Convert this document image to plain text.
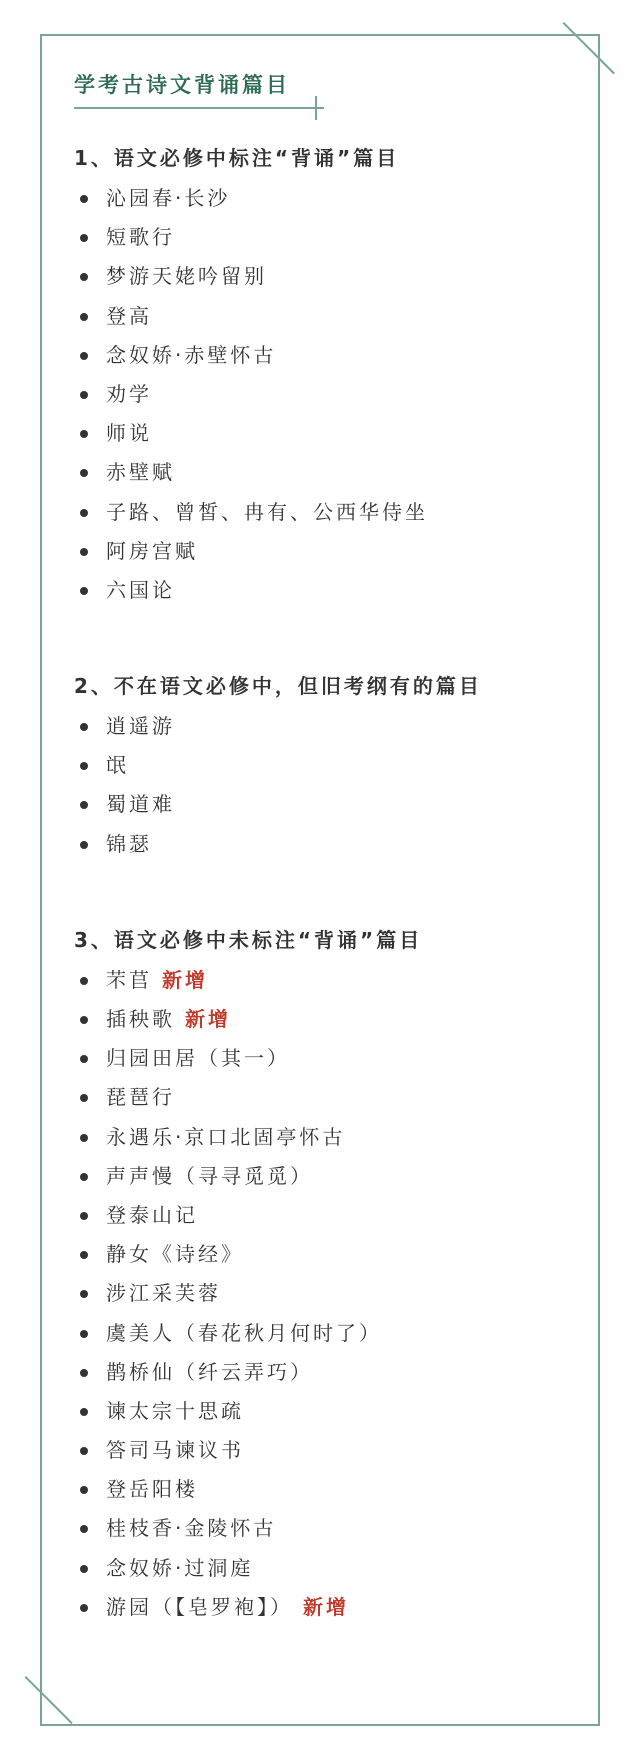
学考古诗文背诵篇目
1、语文必修中标注“背诵”篇目
沁园春·长沙
短歌行
梦游天姥吟留别
登高
念奴娇·赤壁怀古
劝学
师说
赤壁赋
子路、曾皙、冉有、公西华侍坐
阿房宫赋
六国论
2、不在语文必修中，但旧考纲有的篇目
逍遥游
氓
蜀道难
锦瑟
3、语文必修中未标注“背诵”篇目
芣苢 新增
插秧歌 新增
归园田居（其一）
琵琶行
永遇乐·京口北固亭怀古
声声慢（寻寻觅觅）
登泰山记
静女《诗经》
涉江采芙蓉
虞美人（春花秋月何时了）
鹊桥仙（纤云弄巧）
谏太宗十思疏
答司马谏议书
登岳阳楼
桂枝香·金陵怀古
念奴娇·过洞庭
游园（【皂罗袍】） 新增
